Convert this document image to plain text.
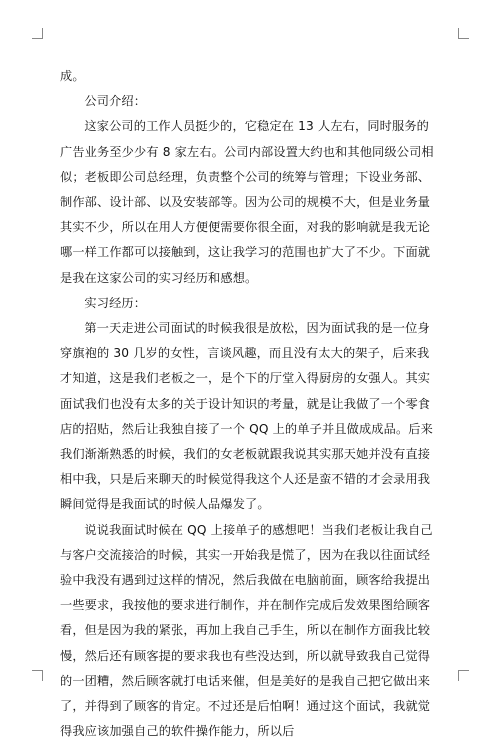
成。

公司介绍：

这家公司的工作人员挺少的，它稳定在 13 人左右，同时服务的广告业务至少少有 8 家左右。公司内部设置大约也和其他同级公司相似；老板即公司总经理，负责整个公司的统筹与管理；下设业务部、制作部、设计部、以及安装部等。因为公司的规模不大，但是业务量其实不少，所以在用人方便便需要你很全面，对我的影响就是我无论哪一样工作都可以接触到，这让我学习的范围也扩大了不少。下面就是我在这家公司的实习经历和感想。

实习经历：

第一天走进公司面试的时候我很是放松，因为面试我的是一位身穿旗袍的 30 几岁的女性，言谈风趣，而且没有太大的架子，后来我才知道，这是我们老板之一，是个下的厅堂入得厨房的女强人。其实面试我们也没有太多的关于设计知识的考量，就是让我做了一个零食店的招贴，然后让我独自接了一个 QQ 上的单子并且做成成品。后来我们渐渐熟悉的时候，我们的女老板就跟我说其实那天她并没有直接相中我，只是后来聊天的时候觉得我这个人还是蛮不错的才会录用我瞬间觉得是我面试的时候人品爆发了。

说说我面试时候在 QQ 上接单子的感想吧！当我们老板让我自己与客户交流接洽的时候，其实一开始我是慌了，因为在我以往面试经验中我没有遇到过这样的情况，然后我做在电脑前面，顾客给我提出一些要求，我按他的要求进行制作，并在制作完成后发效果图给顾客看，但是因为我的紧张，再加上我自己手生，所以在制作方面我比较慢，然后还有顾客提的要求我也有些没达到，所以就导致我自己觉得的一团糟，然后顾客就打电话来催，但是美好的是我自己把它做出来了，并得到了顾客的肯定。不过还是后怕啊！通过这个面试，我就觉得我应该加强自己的软件操作能力，所以后
